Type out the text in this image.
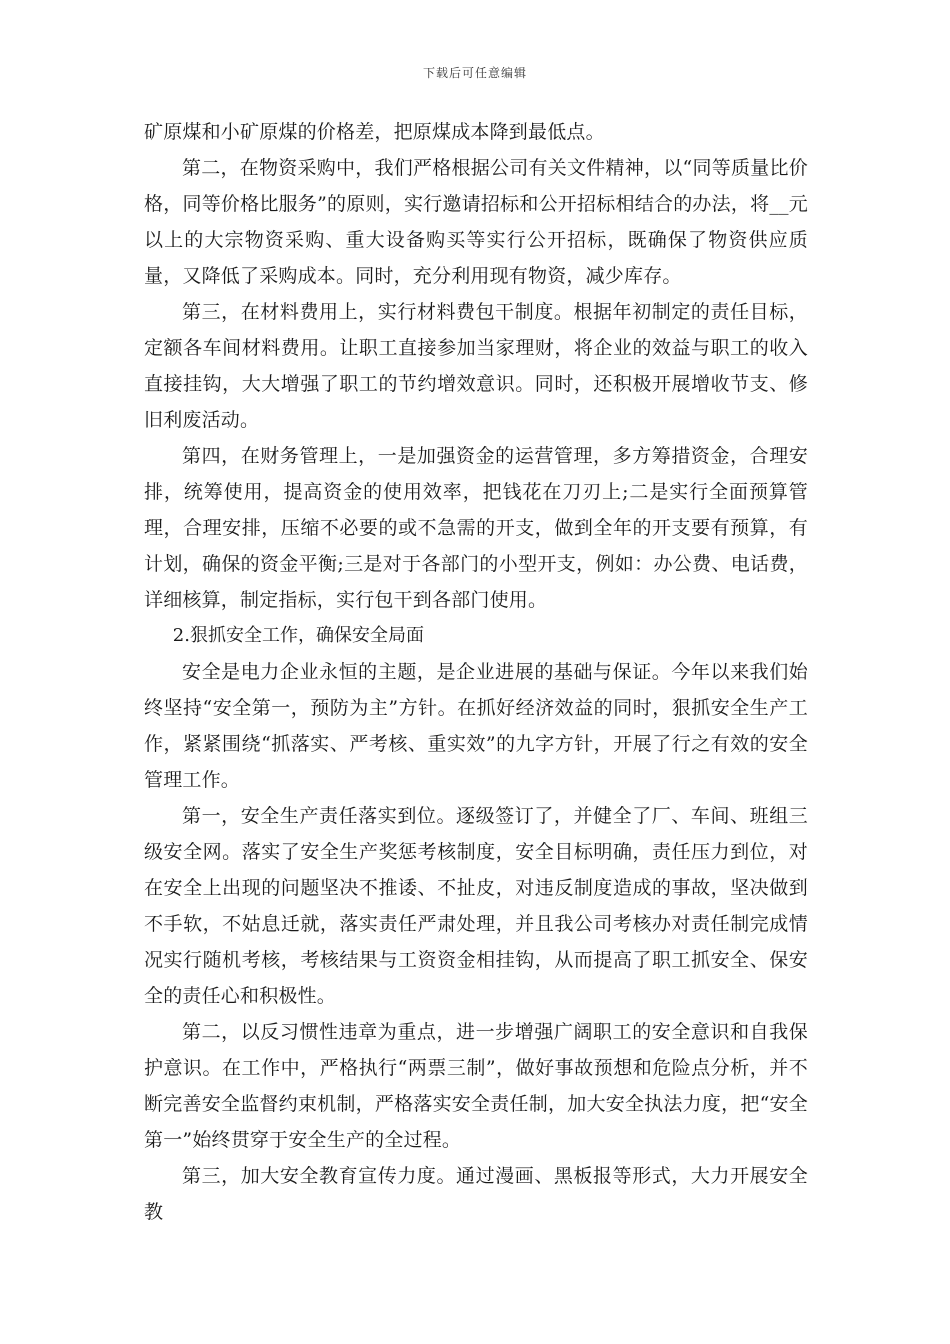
下载后可任意编辑

矿原煤和小矿原煤的价格差，把原煤成本降到最低点。

第二，在物资采购中，我们严格根据公司有关文件精神，以“同等质量比价格，同等价格比服务”的原则，实行邀请招标和公开招标相结合的办法，将__元以上的大宗物资采购、重大设备购买等实行公开招标，既确保了物资供应质量，又降低了采购成本。同时，充分利用现有物资，减少库存。

第三，在材料费用上，实行材料费包干制度。根据年初制定的责任目标，定额各车间材料费用。让职工直接参加当家理财，将企业的效益与职工的收入直接挂钩，大大增强了职工的节约增效意识。同时，还积极开展增收节支、修旧利废活动。

第四，在财务管理上，一是加强资金的运营管理，多方筹措资金，合理安排，统筹使用，提高资金的使用效率，把钱花在刀刃上;二是实行全面预算管理，合理安排，压缩不必要的或不急需的开支，做到全年的开支要有预算，有计划，确保的资金平衡;三是对于各部门的小型开支，例如：办公费、电话费，详细核算，制定指标，实行包干到各部门使用。

2.狠抓安全工作，确保安全局面

安全是电力企业永恒的主题，是企业进展的基础与保证。今年以来我们始终坚持“安全第一，预防为主”方针。在抓好经济效益的同时，狠抓安全生产工作，紧紧围绕“抓落实、严考核、重实效”的九字方针，开展了行之有效的安全管理工作。

第一，安全生产责任落实到位。逐级签订了，并健全了厂、车间、班组三级安全网。落实了安全生产奖惩考核制度，安全目标明确，责任压力到位，对在安全上出现的问题坚决不推诿、不扯皮，对违反制度造成的事故，坚决做到不手软，不姑息迁就，落实责任严肃处理，并且我公司考核办对责任制完成情况实行随机考核，考核结果与工资资金相挂钩，从而提高了职工抓安全、保安全的责任心和积极性。

第二，以反习惯性违章为重点，进一步增强广阔职工的安全意识和自我保护意识。在工作中，严格执行“两票三制”，做好事故预想和危险点分析，并不断完善安全监督约束机制，严格落实安全责任制，加大安全执法力度，把“安全第一”始终贯穿于安全生产的全过程。

第三，加大安全教育宣传力度。通过漫画、黑板报等形式，大力开展安全教
